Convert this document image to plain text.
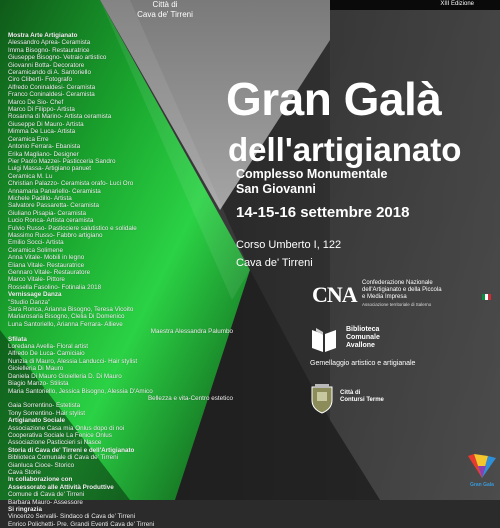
Città di
Cava de' Tirreni
XIII Edizione
Mostra Arte Artigianato
Alessandro Aprea- Ceramista
Imma Bisogno- Restauratrice
Giuseppe Bisogno- Vetraio artistico
Giovanni Botta- Decoratore
Ceramicando di A. Santoriello
Ciro Clibertì- Fotografo
Alfredo Coninaldesi- Ceramista
Franco Coninaldesi- Ceramista
Marco De Sio- Chef
Marco Di Filippo- Artista
Rosanna di Marino- Artista ceramista
Giuseppe Di Mauro- Artista
Mimma De Luca- Artista
Ceramica Erre
Antonio Ferrara- Ebanista
Erika Magliano- Designer
Pier Paolo Mazzei- Pasticceria Sandro
Luigi Massa- Artigiano panuet
Ceramica M. Lu
Christian Palazzo- Ceramista orafo- Luci Oro
Annamaria Panariello- Ceramista
Michele Padillo- Artista
Salvatore Passaretta- Ceramista
Giuliano Pisapia- Ceramista
Lucio Ronca- Artista ceramista
Fulvio Russo- Pasticciere salutistico e solidale
Massimo Russo- Fabbro artigiano
Emilio Socci- Artista
Ceramica Solimene
Anna Vitale- Mobili in legno
Eliana Vitale- Restauratrice
Gennaro Vitale- Restauratore
Marco Vitale- Pittore
Rossella Fasolino- Fotinalia 2018
Vernissage Danza
"Studio Danza"
Sara Ronca, Arianna Bisogno, Teresa Vicoito
Mariarosaria Bisogno, Clelia Di Domenico
Luna Santoriello, Arianna Ferrara- Allieve
Maestra Alessandra Palumbo
Sfilata
Loredana Avella- Floral artist
Alfredo De Luca- Camiciaio
Nunzia di Mauro, Alessia Landucci- Hair stylist
Gioielleria Di Mauro
Daniela Di Mauro Gioielleria D. Di Mauro
Biagio Manzo- Stilista
Maria Santoriello, Jessica Bisogno, Alessia D'Amico
Bellezza e vita-Centro estetico
Gaia Sorrentino- Estetista
Tony Sorrentino- Hair stylist
Artigianato Sociale
Associazione Casa mia Onlus dopo di noi
Cooperativa Sociale La Fenice Onlus
Associazione Pasticcieri si Nasce
Storia di Cava de' Tirreni e dell'Artigianato
Biblioteca Comunale di Cava de' Tirreni
Gianluca Cioce- Storico
Cava Storie
In collaborazione con
Assessorato alle Attività Produttive
Comune di Cava de' Tirreni
Barbara Mauro- Assessore
Si ringrazia
Vincenzo Servalli- Sindaco di Cava de' Tirreni
Enrico Polichetti- Pre. Grandi Eventi Cava de' Tirreni
Gran Galà
dell'artigianato
Complesso Monumentale
San Giovanni
14-15-16 settembre 2018
Corso Umberto I, 122
Cava de' Tirreni
CNA Confederazione Nazionale
dell'Artigianato e della Piccola
e Media Impresa
Associazione territoriale di Salerno
Biblioteca
Comunale
Avallone
Gemellaggio artistico e artigianale
Città di
Contursi Terme
Gran Gala
